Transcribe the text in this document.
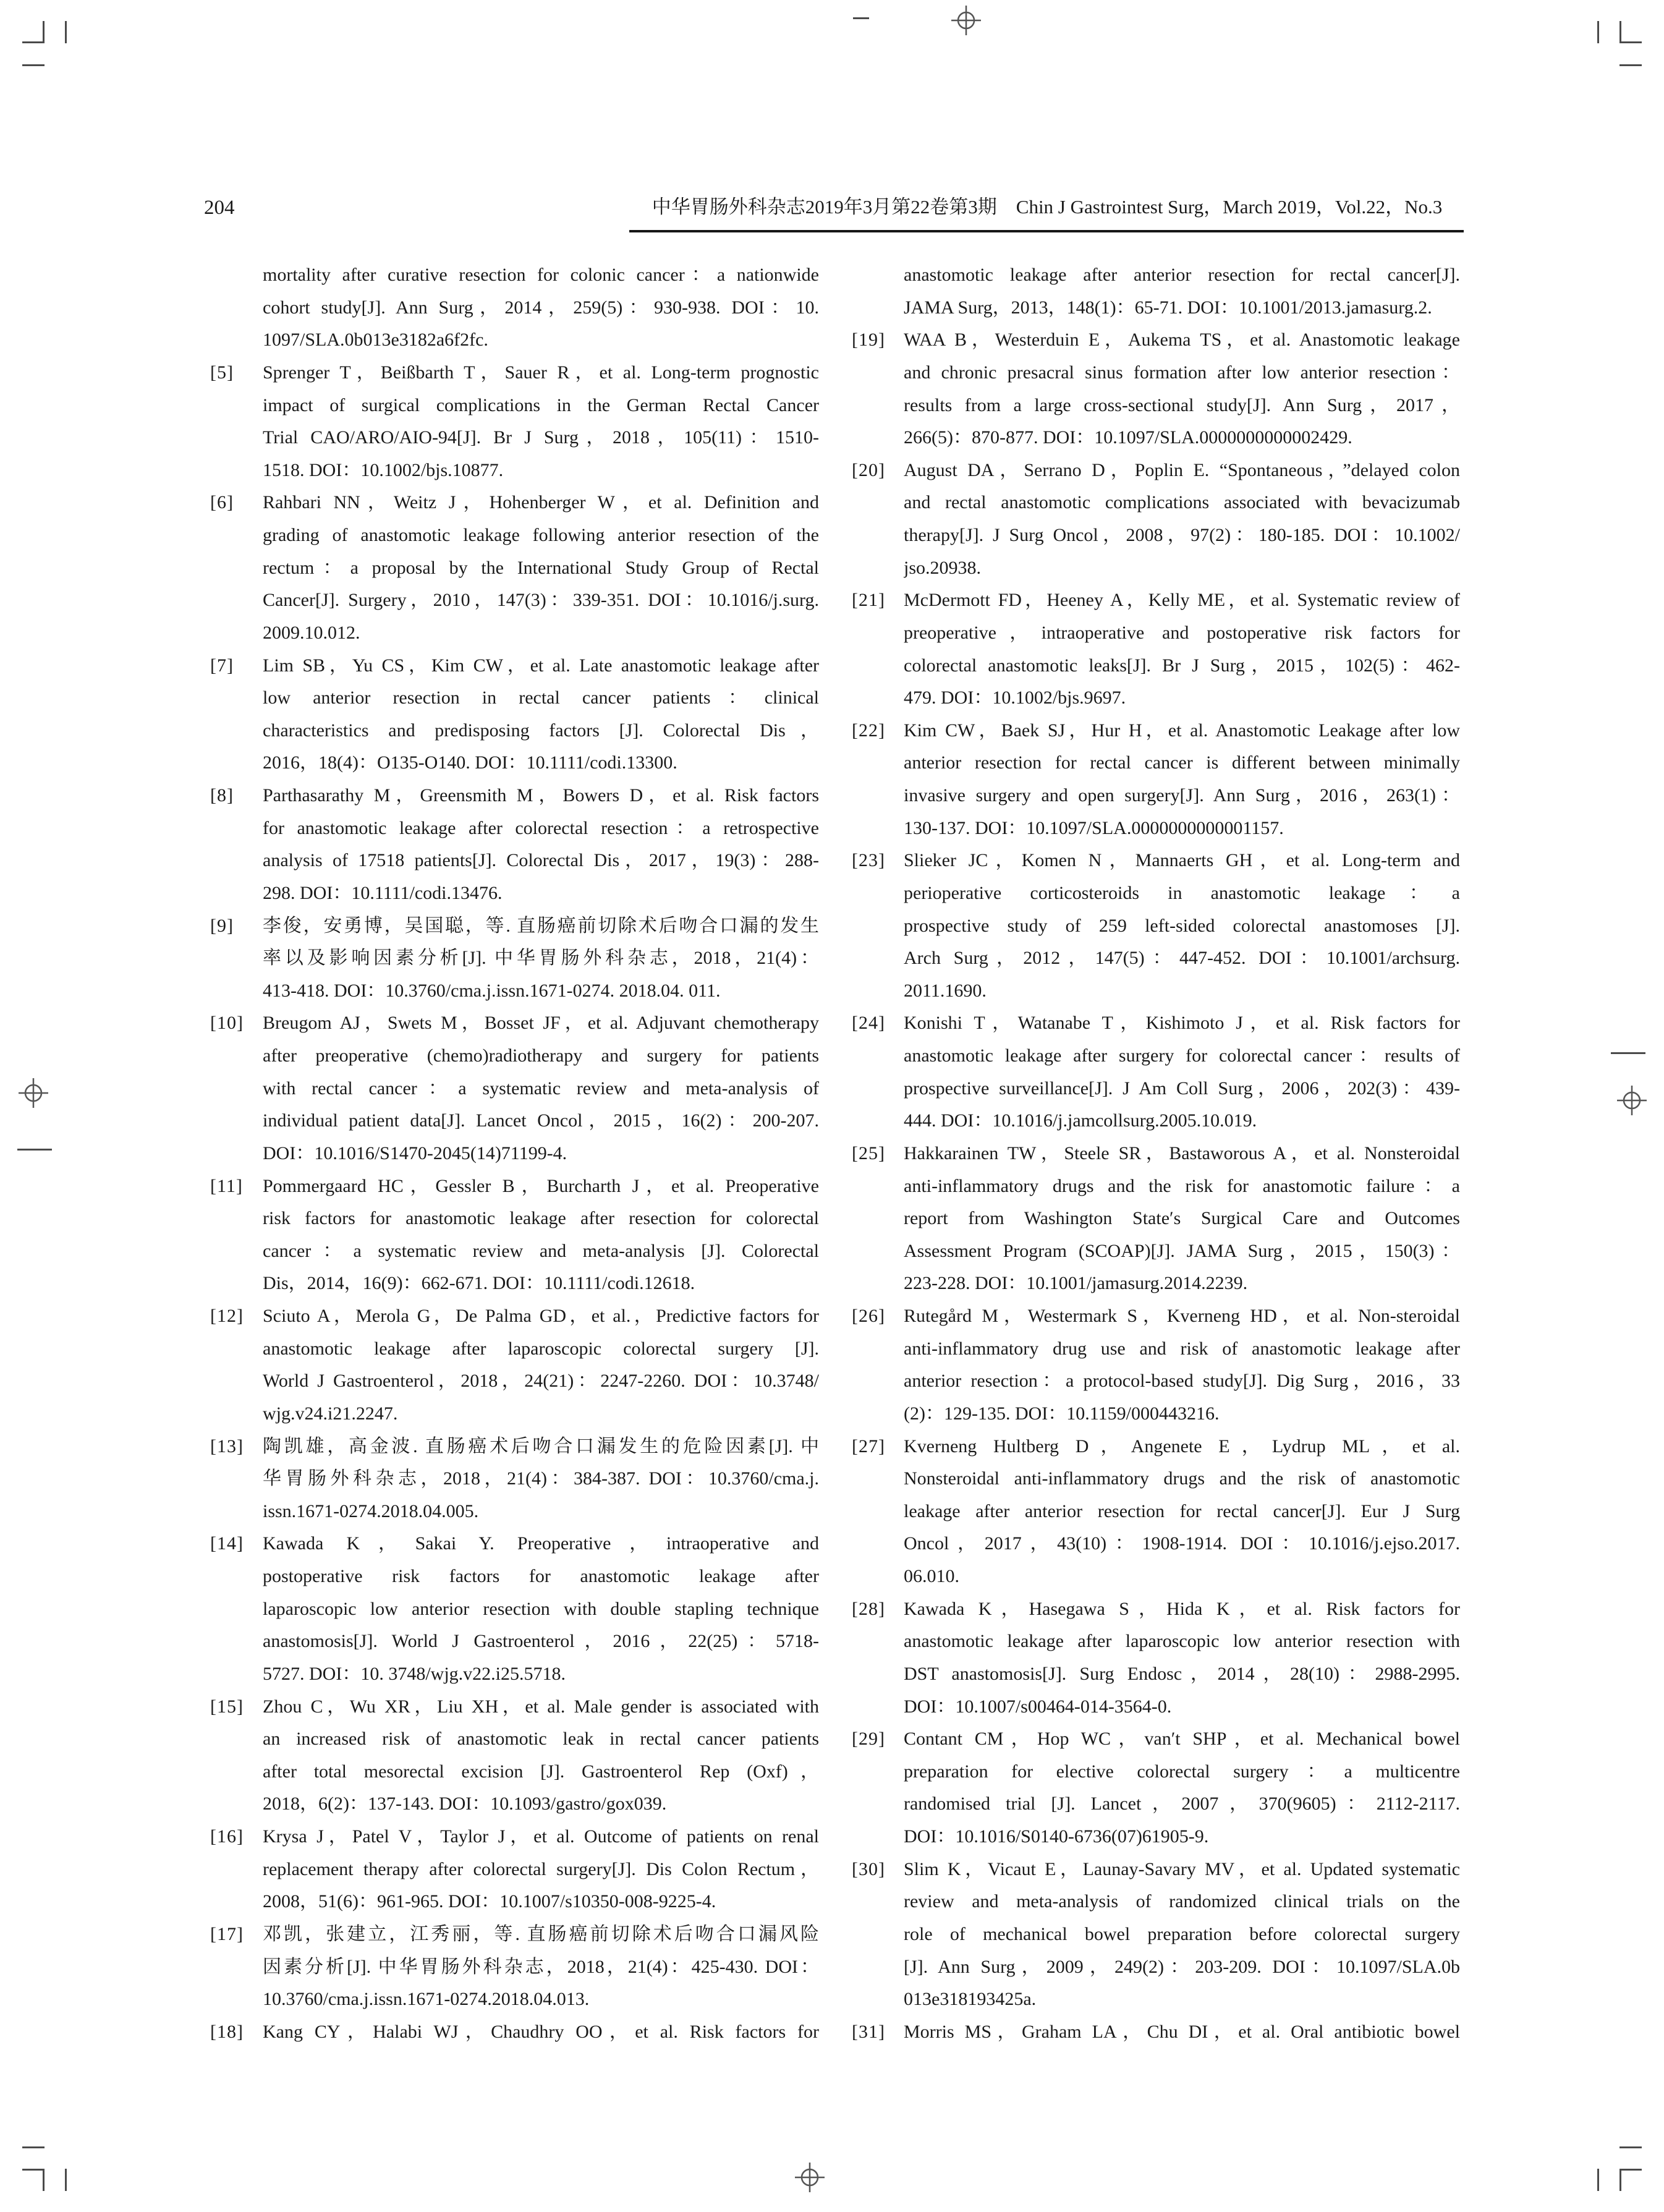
204	中华胃肠外科杂志2019年3月第22卷第3期　Chin J Gastrointest Surg，March 2019，Vol.22，No.3
mortality after curative resection for colonic cancer：a nationwide
cohort study[J]. Ann Surg，2014，259(5)：930-938. DOI：10.
1097/SLA.0b013e3182a6f2fc.
[5] Sprenger T，Beißbarth T，Sauer R，et al. Long-term prognostic
impact of surgical complications in the German Rectal Cancer
Trial CAO/ARO/AIO-94[J]. Br J Surg，2018，105(11)：1510-
1518. DOI：10.1002/bjs.10877.
[6] Rahbari NN，Weitz J，Hohenberger W，et al. Definition and
grading of anastomotic leakage following anterior resection of the
rectum：a proposal by the International Study Group of Rectal
Cancer[J]. Surgery，2010，147(3)：339-351. DOI：10.1016/j.surg.
2009.10.012.
[7] Lim SB，Yu CS，Kim CW，et al. Late anastomotic leakage after
low anterior resection in rectal cancer patients：clinical
characteristics and predisposing factors [J]. Colorectal Dis，
2016，18(4)：O135-O140. DOI：10.1111/codi.13300.
[8] Parthasarathy M，Greensmith M，Bowers D，et al. Risk factors
for anastomotic leakage after colorectal resection：a retrospective
analysis of 17518 patients[J]. Colorectal Dis，2017，19(3)：288-
298. DOI：10.1111/codi.13476.
[9] 李俊，安勇博，吴国聪，等. 直肠癌前切除术后吻合口漏的发生
率以及影响因素分析[J]. 中华胃肠外科杂志，2018，21(4)：
413-418. DOI：10.3760/cma.j.issn.1671-0274. 2018.04. 011.
[10] Breugom AJ，Swets M，Bosset JF，et al. Adjuvant chemotherapy
after preoperative (chemo)radiotherapy and surgery for patients
with rectal cancer：a systematic review and meta-analysis of
individual patient data[J]. Lancet Oncol，2015，16(2)：200-207.
DOI：10.1016/S1470-2045(14)71199-4.
[11] Pommergaard HC，Gessler B，Burcharth J，et al. Preoperative
risk factors for anastomotic leakage after resection for colorectal
cancer：a systematic review and meta-analysis [J]. Colorectal
Dis，2014，16(9)：662-671. DOI：10.1111/codi.12618.
[12] Sciuto A，Merola G，De Palma GD，et al.，Predictive factors for
anastomotic leakage after laparoscopic colorectal surgery [J].
World J Gastroenterol，2018，24(21)：2247-2260. DOI：10.3748/
wjg.v24.i21.2247.
[13] 陶凯雄，高金波. 直肠癌术后吻合口漏发生的危险因素[J]. 中
华胃肠外科杂志，2018，21(4)：384-387. DOI：10.3760/cma.j.
issn.1671-0274.2018.04.005.
[14] Kawada K，Sakai Y. Preoperative，intraoperative and
postoperative risk factors for anastomotic leakage after
laparoscopic low anterior resection with double stapling technique
anastomosis[J]. World J Gastroenterol，2016，22(25)：5718-
5727. DOI：10. 3748/wjg.v22.i25.5718.
[15] Zhou C，Wu XR，Liu XH，et al. Male gender is associated with
an increased risk of anastomotic leak in rectal cancer patients
after total mesorectal excision [J]. Gastroenterol Rep (Oxf)，
2018，6(2)：137-143. DOI：10.1093/gastro/gox039.
[16] Krysa J，Patel V，Taylor J，et al. Outcome of patients on renal
replacement therapy after colorectal surgery[J]. Dis Colon Rectum，
2008，51(6)：961-965. DOI：10.1007/s10350-008-9225-4.
[17] 邓凯，张建立，江秀丽，等. 直肠癌前切除术后吻合口漏风险
因素分析[J]. 中华胃肠外科杂志，2018，21(4)：425-430. DOI：
10.3760/cma.j.issn.1671-0274.2018.04.013.
[18] Kang CY，Halabi WJ，Chaudhry OO，et al. Risk factors for
anastomotic leakage after anterior resection for rectal cancer[J].
JAMA Surg，2013，148(1)：65-71. DOI：10.1001/2013.jamasurg.2.
[19] WAA B，Westerduin E，Aukema TS，et al. Anastomotic leakage
and chronic presacral sinus formation after low anterior resection：
results from a large cross-sectional study[J]. Ann Surg，2017，
266(5)：870-877. DOI：10.1097/SLA.0000000000002429.
[20] August DA，Serrano D，Poplin E. “Spontaneous，”delayed colon
and rectal anastomotic complications associated with bevacizumab
therapy[J]. J Surg Oncol，2008，97(2)：180-185. DOI：10.1002/
jso.20938.
[21] McDermott FD，Heeney A，Kelly ME，et al. Systematic review of
preoperative，intraoperative and postoperative risk factors for
colorectal anastomotic leaks[J]. Br J Surg，2015，102(5)：462-
479. DOI：10.1002/bjs.9697.
[22] Kim CW，Baek SJ，Hur H，et al. Anastomotic Leakage after low
anterior resection for rectal cancer is different between minimally
invasive surgery and open surgery[J]. Ann Surg，2016，263(1)：
130-137. DOI：10.1097/SLA.0000000000001157.
[23] Slieker JC，Komen N，Mannaerts GH，et al. Long-term and
perioperative corticosteroids in anastomotic leakage：a
prospective study of 259 left-sided colorectal anastomoses [J].
Arch Surg，2012，147(5)：447-452. DOI：10.1001/archsurg.
2011.1690.
[24] Konishi T，Watanabe T，Kishimoto J，et al. Risk factors for
anastomotic leakage after surgery for colorectal cancer：results of
prospective surveillance[J]. J Am Coll Surg，2006，202(3)：439-
444. DOI：10.1016/j.jamcollsurg.2005.10.019.
[25] Hakkarainen TW，Steele SR，Bastaworous A，et al. Nonsteroidal
anti-inflammatory drugs and the risk for anastomotic failure：a
report from Washington State′s Surgical Care and Outcomes
Assessment Program (SCOAP)[J]. JAMA Surg，2015，150(3)：
223-228. DOI：10.1001/jamasurg.2014.2239.
[26] Rutegård M，Westermark S，Kverneng HD，et al. Non-steroidal
anti-inflammatory drug use and risk of anastomotic leakage after
anterior resection：a protocol-based study[J]. Dig Surg，2016，33
(2)：129-135. DOI：10.1159/000443216.
[27] Kverneng Hultberg D，Angenete E，Lydrup ML，et al.
Nonsteroidal anti-inflammatory drugs and the risk of anastomotic
leakage after anterior resection for rectal cancer[J]. Eur J Surg
Oncol，2017，43(10)：1908-1914. DOI：10.1016/j.ejso.2017.
06.010.
[28] Kawada K，Hasegawa S，Hida K，et al. Risk factors for
anastomotic leakage after laparoscopic low anterior resection with
DST anastomosis[J]. Surg Endosc，2014，28(10)：2988-2995.
DOI：10.1007/s00464-014-3564-0.
[29] Contant CM，Hop WC，van′t SHP，et al. Mechanical bowel
preparation for elective colorectal surgery：a multicentre
randomised trial [J]. Lancet，2007，370(9605)：2112-2117.
DOI：10.1016/S0140-6736(07)61905-9.
[30] Slim K，Vicaut E，Launay-Savary MV，et al. Updated systematic
review and meta-analysis of randomized clinical trials on the
role of mechanical bowel preparation before colorectal surgery
[J]. Ann Surg，2009，249(2)：203-209. DOI：10.1097/SLA.0b
013e318193425a.
[31] Morris MS，Graham LA，Chu DI，et al. Oral antibiotic bowel
